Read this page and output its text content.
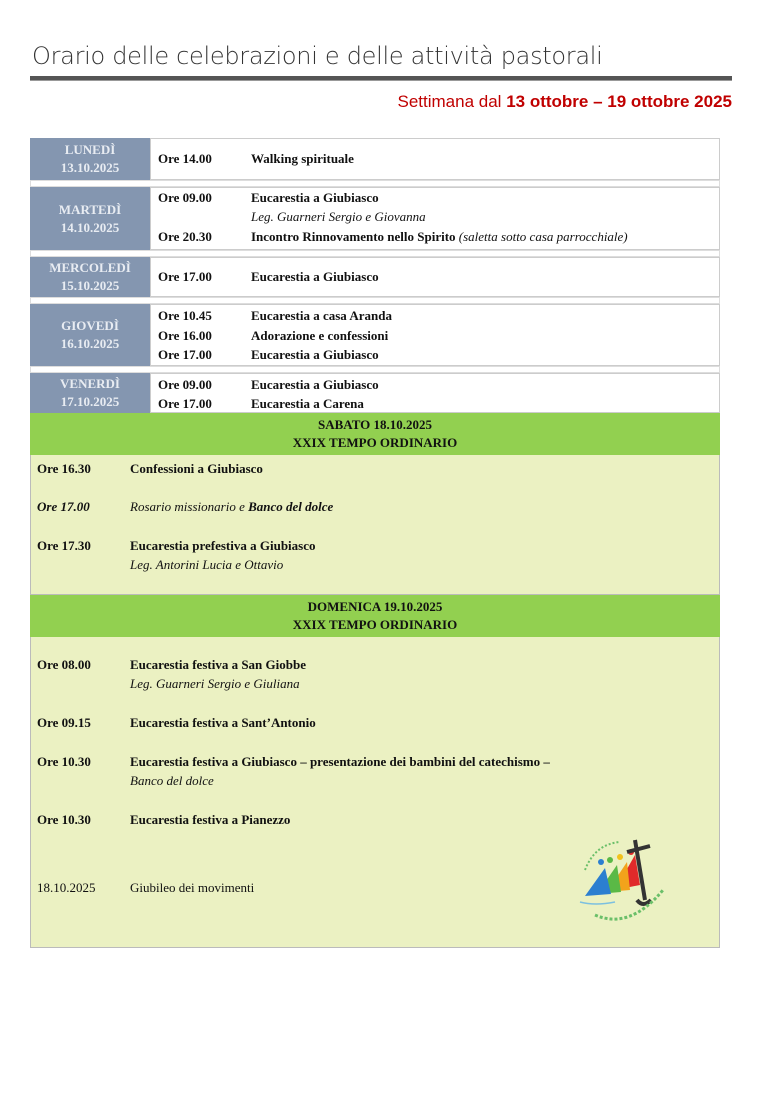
Orario delle celebrazioni e delle attività pastorali
Settimana dal 13 ottobre – 19 ottobre 2025
LUNEDÌ
13.10.2025
Ore 14.00	Walking spirituale
MARTEDÌ
14.10.2025
Ore 09.00	Eucarestia a Giubiasco
Leg. Guarneri Sergio e Giovanna
Ore 20.30	Incontro Rinnovamento nello Spirito (saletta sotto casa parrocchiale)
MERCOLEDÌ
15.10.2025
Ore 17.00	Eucarestia a Giubiasco
GIOVEDÌ
16.10.2025
Ore 10.45	Eucarestia a casa Aranda
Ore 16.00	Adorazione e confessioni
Ore 17.00	Eucarestia a Giubiasco
VENERDÌ
17.10.2025
Ore 09.00	Eucarestia a Giubiasco
Ore 17.00	Eucarestia a Carena
SABATO 18.10.2025
XXIX TEMPO ORDINARIO
Ore 16.30	Confessioni a Giubiasco
Ore 17.00	Rosario missionario e Banco del dolce
Ore 17.30	Eucarestia prefestiva a Giubiasco
Leg. Antorini Lucia e Ottavio
DOMENICA 19.10.2025
XXIX TEMPO ORDINARIO
Ore 08.00	Eucarestia festiva a San Giobbe
Leg. Guarneri Sergio e Giuliana
Ore 09.15	Eucarestia festiva a Sant’Antonio
Ore 10.30	Eucarestia festiva a Giubiasco – presentazione dei bambini del catechismo –
Banco del dolce
Ore 10.30	Eucarestia festiva a Pianezzo
18.10.2025	Giubileo dei movimenti
